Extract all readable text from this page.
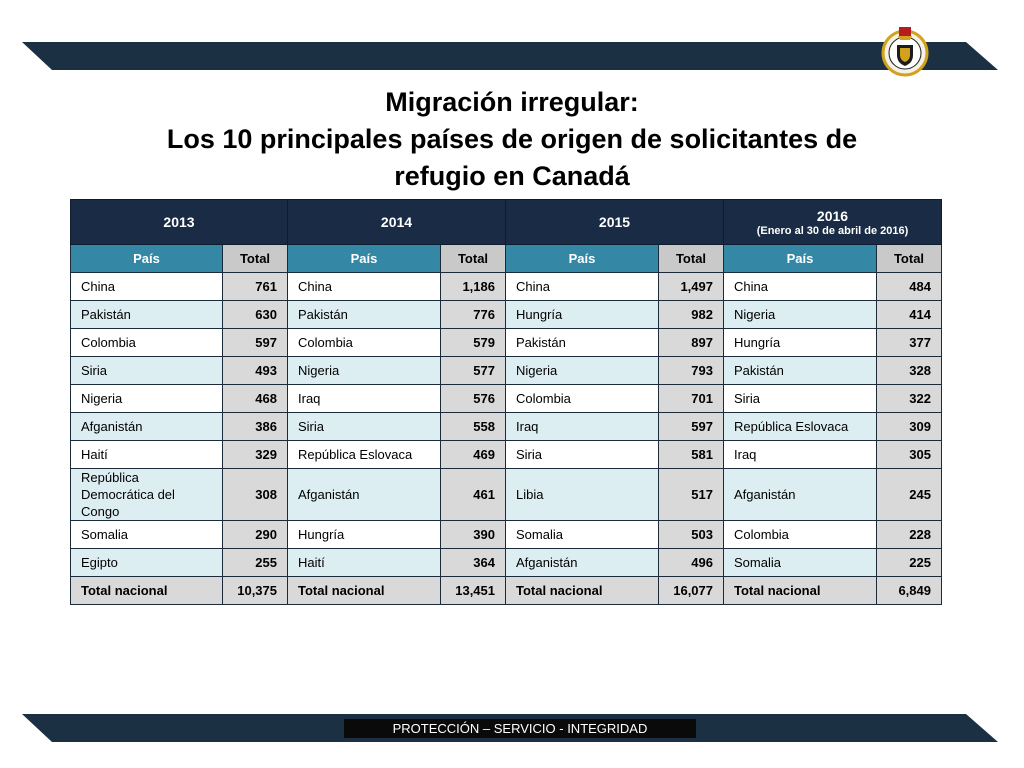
Migración irregular:
Los 10 principales países de origen de solicitantes de
refugio en Canadá
2013		2014		2015		2016
(Enero al 30 de abril de 2016)	

País	Total	País	Total	País	Total	País	Total
China	761	China	1,186	China	1,497	China	484
Pakistán	630	Pakistán	776	Hungría	982	Nigeria	414
Colombia	597	Colombia	579	Pakistán	897	Hungría	377
Siria	493	Nigeria	577	Nigeria	793	Pakistán	328
Nigeria	468	Iraq	576	Colombia	701	Siria	322
Afganistán	386	Siria	558	Iraq	597	República Eslovaca	309
Haití	329	República Eslovaca	469	Siria	581	Iraq	305
República Democrática del Congo	308	Afganistán	461	Libia	517	Afganistán	245
Somalia	290	Hungría	390	Somalia	503	Colombia	228
Egipto	255	Haití	364	Afganistán	496	Somalia	225
Total nacional	10,375	Total nacional	13,451	Total nacional	16,077	Total nacional	6,849
PROTECCIÓN – SERVICIO - INTEGRIDAD
